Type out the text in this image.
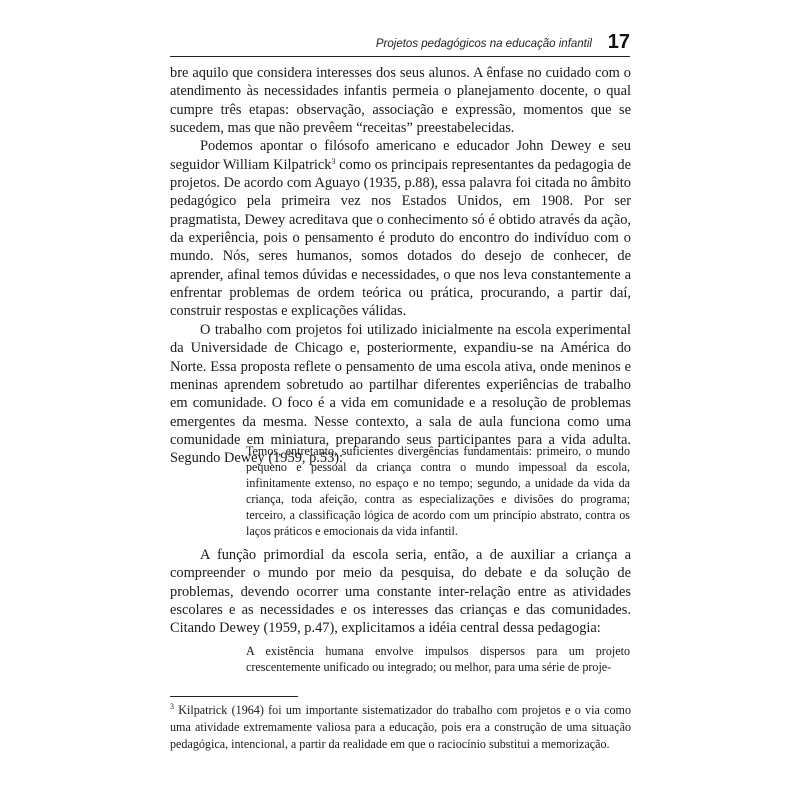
Projetos pedagógicos na educação infantil 17

bre aquilo que considera interesses dos seus alunos. A ênfase no cuidado com o atendimento às necessidades infantis permeia o planejamento docente, o qual cumpre três etapas: observação, associação e expressão, momentos que se sucedem, mas que não prevêem “receitas” preestabelecidas.

Podemos apontar o filósofo americano e educador John Dewey e seu seguidor William Kilpatrick$^3$ como os principais representantes da pedagogia de projetos. De acordo com Aguayo (1935, p.88), essa palavra foi citada no âmbito pedagógico pela primeira vez nos Estados Unidos, em 1908. Por ser pragmatista, Dewey acreditava que o conhecimento só é obtido através da ação, da experiência, pois o pensamento é produto do encontro do indivíduo com o mundo. Nós, seres humanos, somos dotados do desejo de conhecer, de aprender, afinal temos dúvidas e necessidades, o que nos leva constantemente a enfrentar problemas de ordem teórica ou prática, procurando, a partir daí, construir respostas e explicações válidas.

O trabalho com projetos foi utilizado inicialmente na escola experimental da Universidade de Chicago e, posteriormente, expandiu-se na América do Norte. Essa proposta reflete o pensamento de uma escola ativa, onde meninos e meninas aprendem sobretudo ao partilhar diferentes experiências de trabalho em comunidade. O foco é a vida em comunidade e a resolução de problemas emergentes da mesma. Nesse contexto, a sala de aula funciona como uma comunidade em miniatura, preparando seus participantes para a vida adulta. Segundo Dewey (1959, p.53):

Temos, entretanto, suficientes divergências fundamentais: primeiro, o mundo pequeno e pessoal da criança contra o mundo impessoal da escola, infinitamente extenso, no espaço e no tempo; segundo, a unidade da vida da criança, toda afeição, contra as especializações e divisões do programa; terceiro, a classificação lógica de acordo com um princípio abstrato, contra os laços práticos e emocionais da vida infantil.

A função primordial da escola seria, então, a de auxiliar a criança a compreender o mundo por meio da pesquisa, do debate e da solução de problemas, devendo ocorrer uma constante inter-relação entre as atividades escolares e as necessidades e os interesses das crianças e das comunidades. Citando Dewey (1959, p.47), explicitamos a idéia central dessa pedagogia:

A existência humana envolve impulsos dispersos para um projeto crescentemente unificado ou integrado; ou melhor, para uma série de proje-

$^3$ Kilpatrick (1964) foi um importante sistematizador do trabalho com projetos e o via como uma atividade extremamente valiosa para a educação, pois era a construção de uma situação pedagógica, intencional, a partir da realidade em que o raciocínio substitui a memorização.
